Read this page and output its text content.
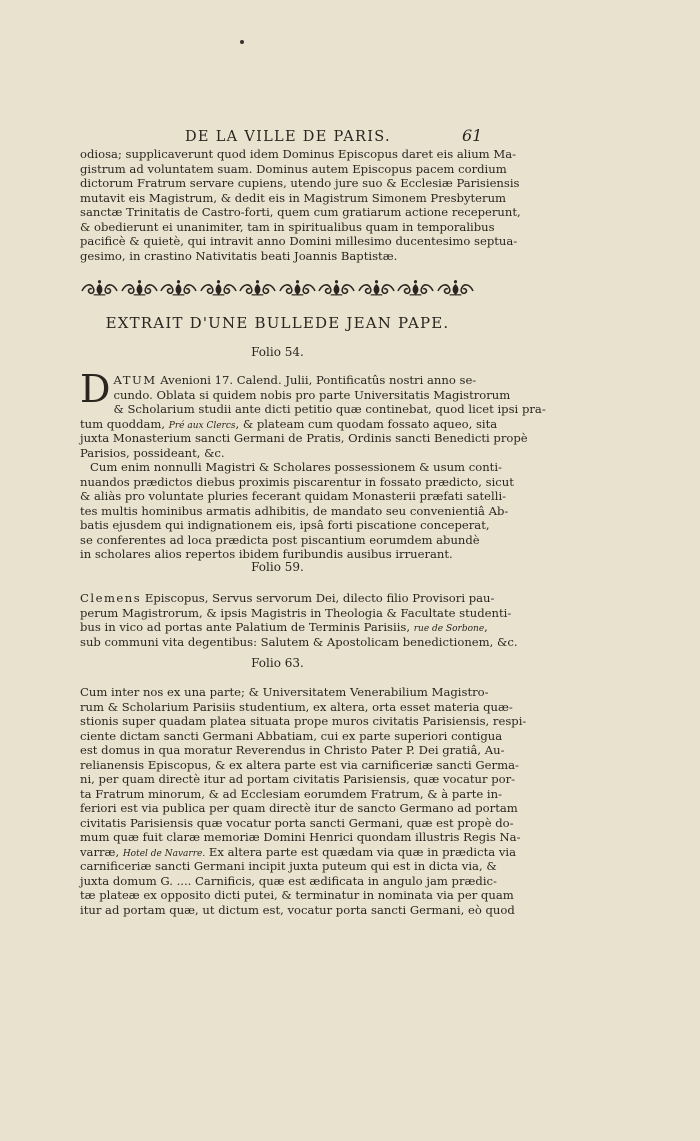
DE LA VILLE DE PARIS.	61
odiosa; supplicaverunt quod idem Dominus Episcopus daret eis alium Ma-
gistrum ad voluntatem suam. Dominus autem Episcopus pacem cordium
dictorum Fratrum servare cupiens, utendo jure suo & Ecclesiæ Parisiensis
mutavit eis Magistrum, & dedit eis in Magistrum Simonem Presbyterum
sanctæ Trinitatis de Castro-forti, quem cum gratiarum actione receperunt,
& obedierunt ei unanimiter, tam in spiritualibus quam in temporalibus
pacificè & quietè, qui intravit anno Domini millesimo ducentesimo septua-
gesimo, in crastino Nativitatis beati Joannis Baptistæ.
EXTRAIT D'UNE BULLEDE JEAN PAPE.
Folio 54.
D ATUM Avenioni 17. Calend. Julii, Pontificatûs nostri anno se-
cundo. Oblata si quidem nobis pro parte Universitatis Magistrorum
& Scholarium studii ante dicti petitio quæ continebat, quod licet ipsi pra-
tum quoddam, Pré aux Clercs, & plateam cum quodam fossato aqueo, sita
juxta Monasterium sancti Germani de Pratis, Ordinis sancti Benedicti propè
Parisios, possideant, &c.
Cum enim nonnulli Magistri & Scholares possessionem & usum conti-
nuandos prædictos diebus proximis piscarentur in fossato prædicto, sicut
& aliàs pro voluntate pluries fecerant quidam Monasterii præfati satelli-
tes multis hominibus armatis adhibitis, de mandato seu convenientiâ Ab-
batis ejusdem qui indignationem eis, ipsâ forti piscatione conceperat,
se conferentes ad loca prædicta post piscantium eorumdem abundè
in scholares alios repertos ibidem furibundis ausibus irruerant.
Folio 59.
Clemens Episcopus, Servus servorum Dei, dilecto filio Provisori pau-
perum Magistrorum, & ipsis Magistris in Theologia & Facultate studenti-
bus in vico ad portas ante Palatium de Terminis Parisiis, rue de Sorbone,
sub communi vita degentibus: Salutem & Apostolicam benedictionem, &c.
Folio 63.
Cum inter nos ex una parte; & Universitatem Venerabilium Magistro-
rum & Scholarium Parisiis studentium, ex altera, orta esset materia quæ-
stionis super quadam platea situata prope muros civitatis Parisiensis, respi-
ciente dictam sancti Germani Abbatiam, cui ex parte superiori contigua
est domus in qua moratur Reverendus in Christo Pater P. Dei gratiâ, Au-
relianensis Episcopus, & ex altera parte est via carnificeriæ sancti Germa-
ni, per quam directè itur ad portam civitatis Parisiensis, quæ vocatur por-
ta Fratrum minorum, & ad Ecclesiam eorumdem Fratrum, & à parte in-
feriori est via publica per quam directè itur de sancto Germano ad portam
civitatis Parisiensis quæ vocatur porta sancti Germani, quæ est propè do-
mum quæ fuit claræ memoriæ Domini Henrici quondam illustris Regis Na-
varræ, Hotel de Navarre. Ex altera parte est quædam via quæ in prædicta via
carnificeriæ sancti Germani incipit juxta puteum qui est in dicta via, &
juxta domum G. .... Carnificis, quæ est ædificata in angulo jam prædic-
tæ plateæ ex opposito dicti putei, & terminatur in nominata via per quam
itur ad portam quæ, ut dictum est, vocatur porta sancti Germani, eò quod
